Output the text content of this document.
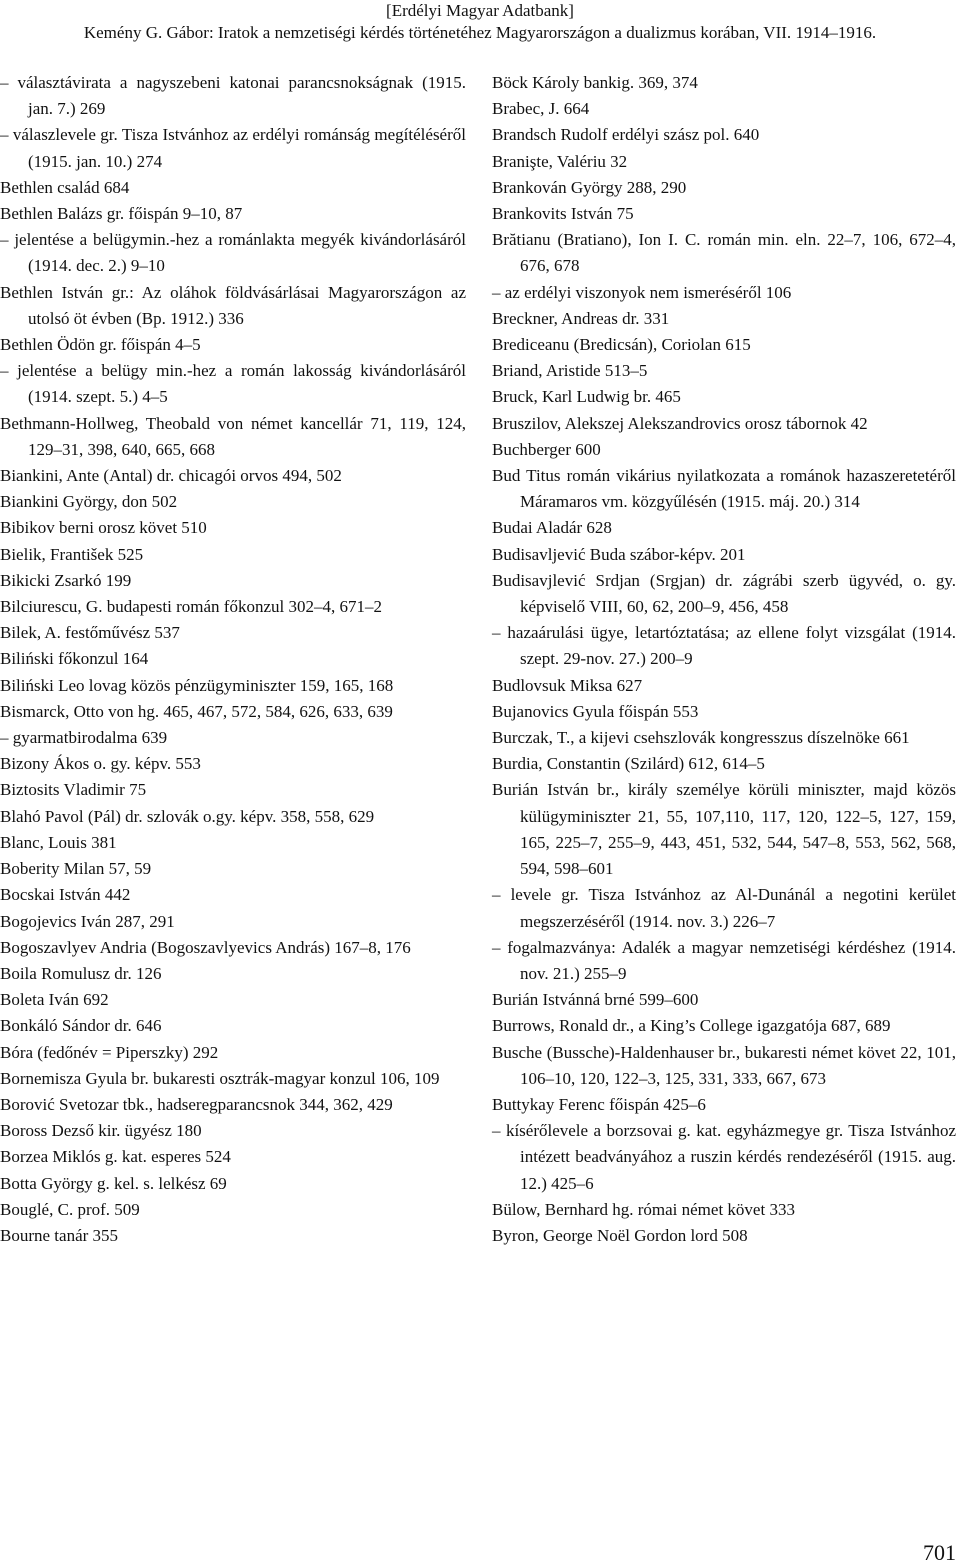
[Erdélyi Magyar Adatbank]
Kemény G. Gábor: Iratok a nemzetiségi kérdés történetéhez Magyarországon a dualizmus korában, VII. 1914–1916.
– választávirata a nagyszebeni katonai parancsnokságnak (1915. jan. 7.) 269
– válaszlevele gr. Tisza Istvánhoz az erdélyi románság megítéléséről (1915. jan. 10.) 274
Bethlen család 684
Bethlen Balázs gr. főispán 9–10, 87
– jelentése a belügymin.-hez a románlakta megyék kivándorlásáról (1914. dec. 2.) 9–10
Bethlen István gr.: Az oláhok földvásárlásai Magyarországon az utolsó öt évben (Bp. 1912.) 336
Bethlen Ödön gr. főispán 4–5
– jelentése a belügy min.-hez a román lakosság kivándorlásáról (1914. szept. 5.) 4–5
Bethmann-Hollweg, Theobald von német kancellár 71, 119, 124, 129–31, 398, 640, 665, 668
Biankini, Ante (Antal) dr. chicagói orvos 494, 502
Biankini György, don 502
Bibikov berni orosz követ 510
Bielik, František 525
Bikicki Zsarkó 199
Bilciurescu, G. budapesti román főkonzul 302–4, 671–2
Bilek, A. festőművész 537
Biliński főkonzul 164
Biliński Leo lovag közös pénzügyminiszter 159, 165, 168
Bismarck, Otto von hg. 465, 467, 572, 584, 626, 633, 639
– gyarmatbirodalma 639
Bizony Ákos o. gy. képv. 553
Biztosits Vladimir 75
Blahó Pavol (Pál) dr. szlovák o.gy. képv. 358, 558, 629
Blanc, Louis 381
Boberity Milan 57, 59
Bocskai István 442
Bogojevics Iván 287, 291
Bogoszavlyev Andria (Bogoszavlyevics András) 167–8, 176
Boila Romulusz dr. 126
Boleta Iván 692
Bonkáló Sándor dr. 646
Bóra (fedőnév = Piperszky) 292
Bornemisza Gyula br. bukaresti osztrák-magyar konzul 106, 109
Borović Svetozar tbk., hadseregparancsnok 344, 362, 429
Boross Dezső kir. ügyész 180
Borzea Miklós g. kat. esperes 524
Botta György g. kel. s. lelkész 69
Bouglé, C. prof. 509
Bourne tanár 355
Böck Károly bankig. 369, 374
Brabec, J. 664
Brandsch Rudolf erdélyi szász pol. 640
Branişte, Valériu 32
Brankován György 288, 290
Brankovits István 75
Brătianu (Bratiano), Ion I. C. román min. eln. 22–7, 106, 672–4, 676, 678
– az erdélyi viszonyok nem ismeréséről 106
Breckner, Andreas dr. 331
Brediceanu (Bredicsán), Coriolan 615
Briand, Aristide 513–5
Bruck, Karl Ludwig br. 465
Bruszilov, Alekszej Alekszandrovics orosz tábornok 42
Buchberger 600
Bud Titus román vikárius nyilatkozata a románok hazaszeretetéről Máramaros vm. közgyűlésén (1915. máj. 20.) 314
Budai Aladár 628
Budisavljević Buda szábor-képv. 201
Budisavjlević Srdjan (Srgjan) dr. zágrábi szerb ügyvéd, o. gy. képviselő VIII, 60, 62, 200–9, 456, 458
– hazaárulási ügye, letartóztatása; az ellene folyt vizsgálat (1914. szept. 29-nov. 27.) 200–9
Budlovsuk Miksa 627
Bujanovics Gyula főispán 553
Burczak, T., a kijevi csehszlovák kongresszus díszelnöke 661
Burdia, Constantin (Szilárd) 612, 614–5
Burián István br., király személye körüli miniszter, majd közös külügyminiszter 21, 55, 107,110, 117, 120, 122–5, 127, 159, 165, 225–7, 255–9, 443, 451, 532, 544, 547–8, 553, 562, 568, 594, 598–601
– levele gr. Tisza Istvánhoz az Al-Dunánál a negotini kerület megszerzéséről (1914. nov. 3.) 226–7
– fogalmazványa: Adalék a magyar nemzetiségi kérdéshez (1914. nov. 21.) 255–9
Burián Istvánná brné 599–600
Burrows, Ronald dr., a King’s College igazgatója 687, 689
Busche (Bussche)-Haldenhauser br., bukaresti német követ 22, 101, 106–10, 120, 122–3, 125, 331, 333, 667, 673
Buttykay Ferenc főispán 425–6
– kísérőlevele a borzsovai g. kat. egyházmegye gr. Tisza Istvánhoz intézett beadványához a ruszin kérdés rendezéséről (1915. aug. 12.) 425–6
Bülow, Bernhard hg. római német követ 333
Byron, George Noël Gordon lord 508
701
